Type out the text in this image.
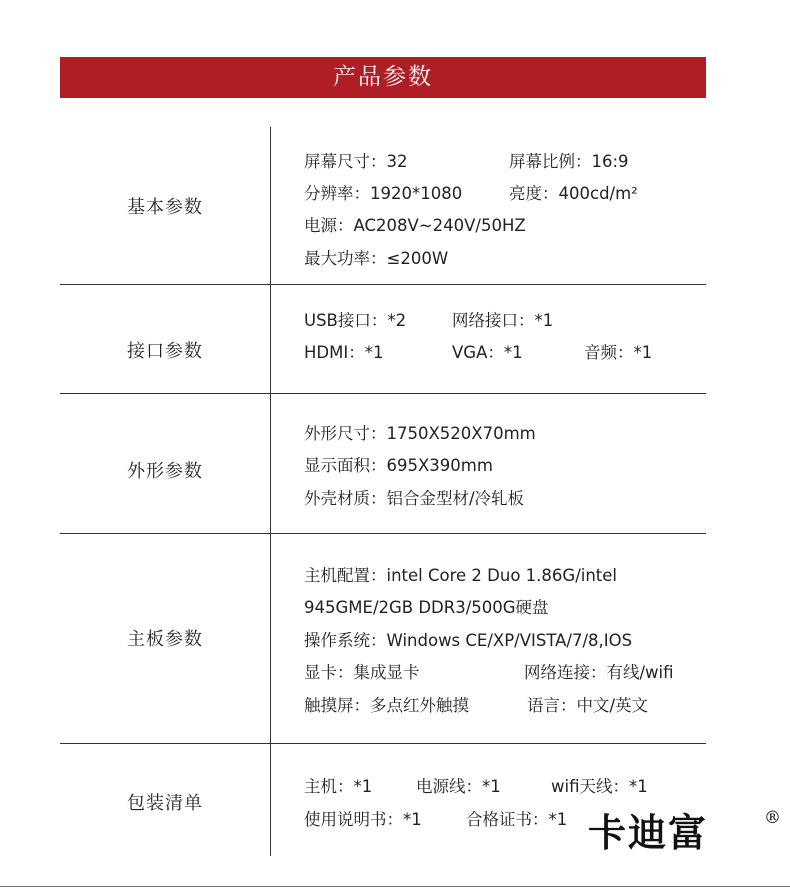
产品参数
基本参数
屏幕尺寸：32	屏幕比例：16:9
分辨率：1920*1080	亮度：400cd/m²
电源：AC208V~240V/50HZ
最大功率：≤200W
接口参数
USB接口：*2	网络接口：*1
HDMI：*1	VGA：*1	音频：*1
外形参数
外形尺寸：1750X520X70mm
显示面积：695X390mm
外壳材质：铝合金型材/冷轧板
主板参数
主机配置：intel Core 2 Duo 1.86G/intel
945GME/2GB DDR3/500G硬盘
操作系统：Windows CE/XP/VISTA/7/8,IOS
显卡：集成显卡	网络连接：有线/wifi
触摸屏：多点红外触摸	语言：中文/英文
包装清单
主机：*1	电源线：*1	wifi天线：*1
使用说明书：*1	合格证书：*1 卡迪富	®
